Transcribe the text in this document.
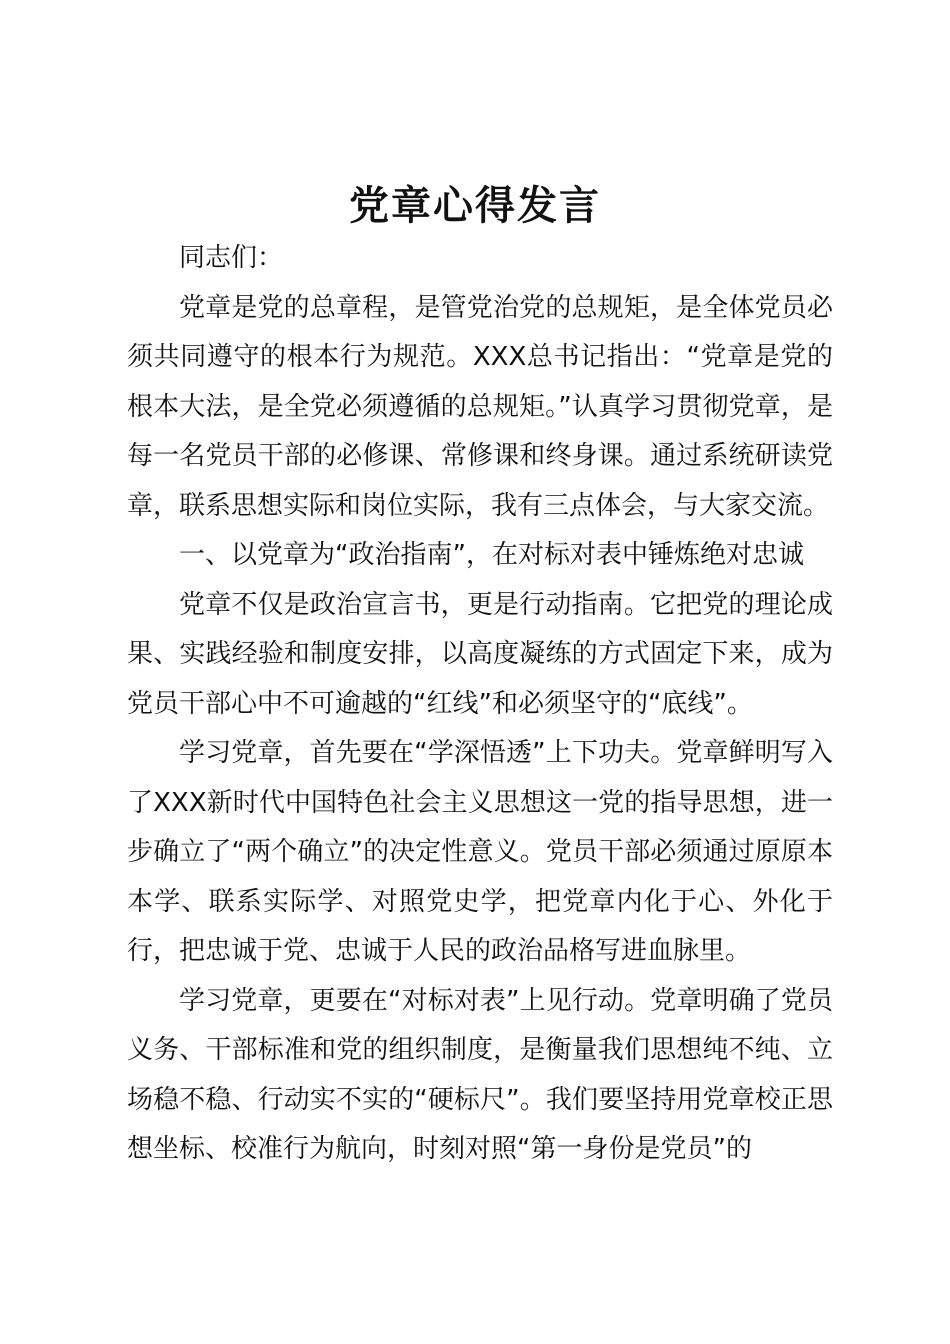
党章心得发言

同志们：

党章是党的总章程，是管党治党的总规矩，是全体党员必须共同遵守的根本行为规范。XXX总书记指出：“党章是党的根本大法，是全党必须遵循的总规矩。”认真学习贯彻党章，是每一名党员干部的必修课、常修课和终身课。通过系统研读党章，联系思想实际和岗位实际，我有三点体会，与大家交流。

一、以党章为“政治指南”，在对标对表中锤炼绝对忠诚

党章不仅是政治宣言书，更是行动指南。它把党的理论成果、实践经验和制度安排，以高度凝练的方式固定下来，成为党员干部心中不可逾越的“红线”和必须坚守的“底线”。

学习党章，首先要在“学深悟透”上下功夫。党章鲜明写入了XXX新时代中国特色社会主义思想这一党的指导思想，进一步确立了“两个确立”的决定性意义。党员干部必须通过原原本本学、联系实际学、对照党史学，把党章内化于心、外化于行，把忠诚于党、忠诚于人民的政治品格写进血脉里。

学习党章，更要在“对标对表”上见行动。党章明确了党员义务、干部标准和党的组织制度，是衡量我们思想纯不纯、立场稳不稳、行动实不实的“硬标尺”。我们要坚持用党章校正思想坐标、校准行为航向，时刻对照“第一身份是党员”的
